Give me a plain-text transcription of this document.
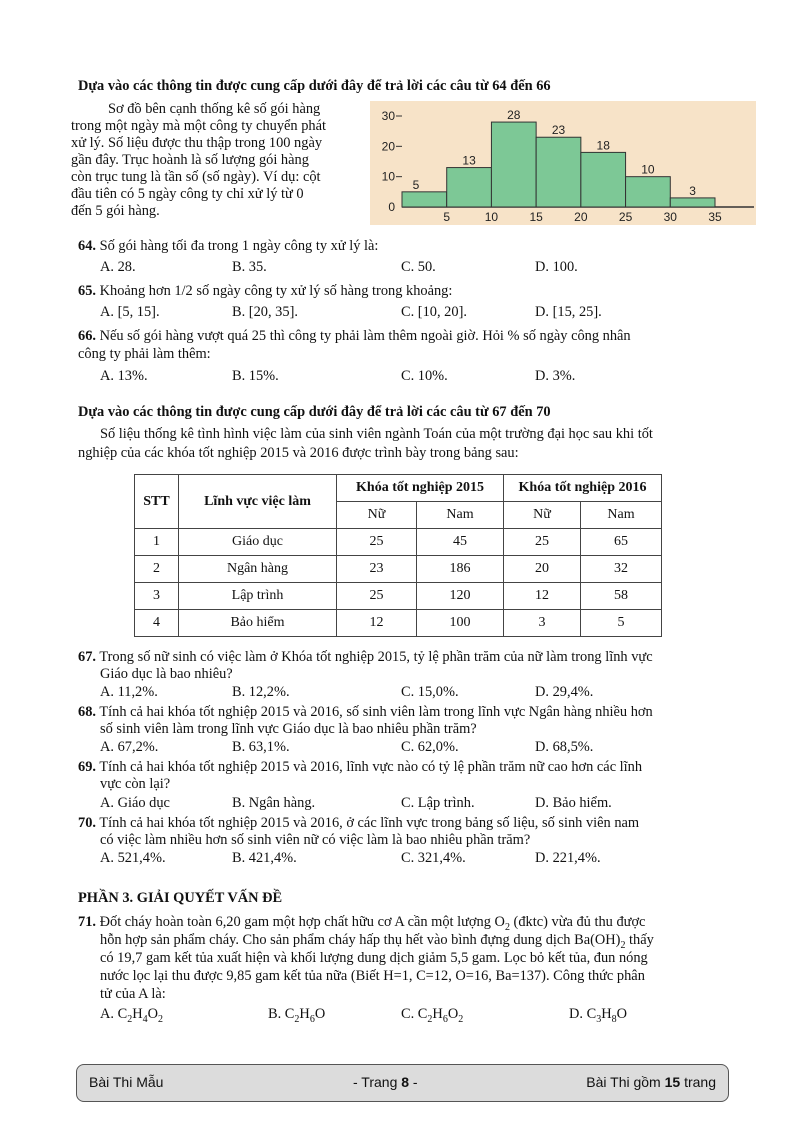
Dựa vào các thông tin được cung cấp dưới đây để trả lời các câu từ 64 đến 66
Sơ đồ bên cạnh thống kê số gói hàng
trong một ngày mà một công ty chuyển phát
xử lý. Số liệu được thu thập trong 100 ngày
gần đây. Trục hoành là số lượng gói hàng
còn trục tung là tần số (số ngày). Ví dụ: cột
đầu tiên có 5 ngày công ty chỉ xử lý từ 0
đến 5 gói hàng.	0
10
20
30
5
13
28
23
18
10
3
5	10	15	20	25	30	35
64. Số gói hàng tối đa trong 1 ngày công ty xử lý là:
A. 28.	B. 35.	C. 50.	D. 100.
65. Khoảng hơn 1/2 số ngày công ty xử lý số hàng trong khoảng:
A. [5, 15].	B. [20, 35].	C. [10, 20].	D. [15, 25].
66. Nếu số gói hàng vượt quá 25 thì công ty phải làm thêm ngoài giờ. Hỏi % số ngày công nhân
công ty phải làm thêm:
A. 13%.	B. 15%.	C. 10%.	D. 3%.
Dựa vào các thông tin được cung cấp dưới đây để trả lời các câu từ 67 đến 70
Số liệu thống kê tình hình việc làm của sinh viên ngành Toán của một trường đại học sau khi tốt
nghiệp của các khóa tốt nghiệp 2015 và 2016 được trình bày trong bảng sau:
STT	Lĩnh vực việc làm	Khóa tốt nghiệp 2015		Khóa tốt nghiệp 2016	
		Nữ	Nam	Nữ	Nam
1	Giáo dục	25	45	25	65
2	Ngân hàng	23	186	20	32
3	Lập trình	25	120	12	58
4	Bảo hiểm	12	100	3	5
67. Trong số nữ sinh có việc làm ở Khóa tốt nghiệp 2015, tỷ lệ phần trăm của nữ làm trong lĩnh vực
Giáo dục là bao nhiêu?
A. 11,2%.	B. 12,2%.	C. 15,0%.	D. 29,4%.
68. Tính cả hai khóa tốt nghiệp 2015 và 2016, số sinh viên làm trong lĩnh vực Ngân hàng nhiều hơn
số sinh viên làm trong lĩnh vực Giáo dục là bao nhiêu phần trăm?
A. 67,2%.	B. 63,1%.	C. 62,0%.	D. 68,5%.
69. Tính cả hai khóa tốt nghiệp 2015 và 2016, lĩnh vực nào có tỷ lệ phần trăm nữ cao hơn các lĩnh
vực còn lại?
A. Giáo dục	B. Ngân hàng.	C. Lập trình.	D. Bảo hiểm.
70. Tính cả hai khóa tốt nghiệp 2015 và 2016, ở các lĩnh vực trong bảng số liệu, số sinh viên nam
có việc làm nhiều hơn số sinh viên nữ có việc làm là bao nhiêu phần trăm?
A. 521,4%.	B. 421,4%.	C. 321,4%.	D. 221,4%.
PHẦN 3. GIẢI QUYẾT VẤN ĐỀ
71. Đốt cháy hoàn toàn 6,20 gam một hợp chất hữu cơ A cần một lượng $O_2$ (đktc) vừa đủ thu được
hỗn hợp sản phẩm cháy. Cho sản phẩm cháy hấp thụ hết vào bình đựng dung dịch $Ba(OH)_2$ thấy
có 19,7 gam kết tủa xuất hiện và khối lượng dung dịch giảm 5,5 gam. Lọc bỏ kết tủa, đun nóng
nước lọc lại thu được 9,85 gam kết tủa nữa (Biết H=1, C=12, O=16, Ba=137). Công thức phân
tử của A là:
A. $C_2H_4O_2$	B. $C_2H_6O$	C. $C_2H_6O_2$	D. $C_3H_8O$
Bài Thi Mẫu	- Trang 8 -	Bài Thi gồm 15 trang
